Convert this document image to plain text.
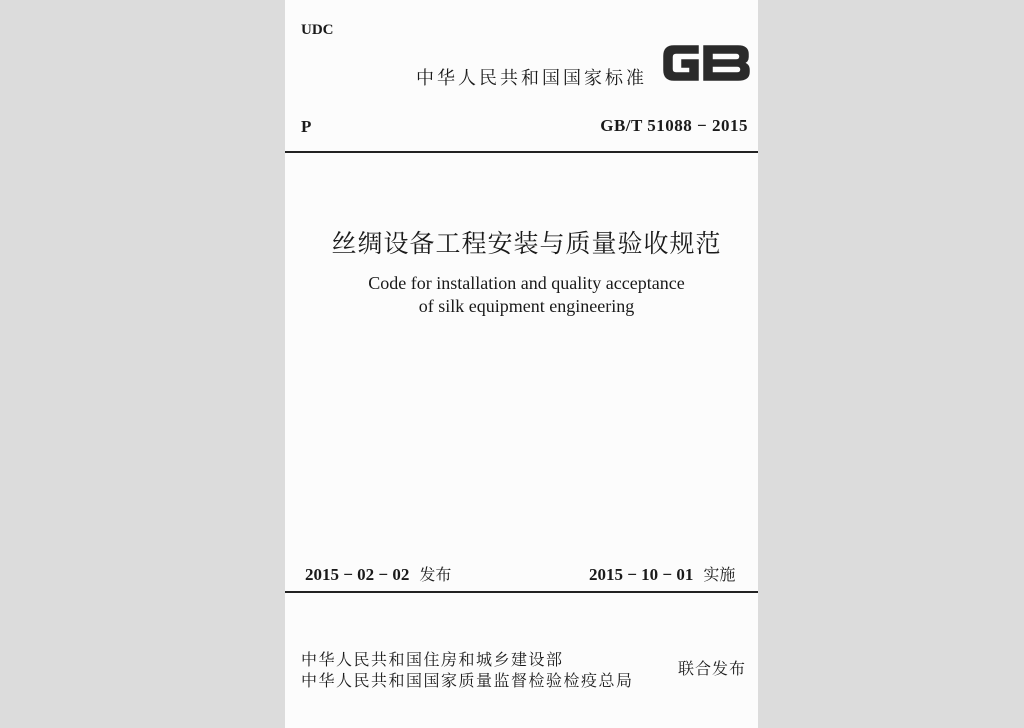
UDC
中华人民共和国国家标准
P	GB/T 51088 − 2015
丝绸设备工程安装与质量验收规范
Code for installation and quality acceptance
of silk equipment engineering
2015 − 02 − 02 发布	2015 − 10 − 01 实施
中华人民共和国住房和城乡建设部
中华人民共和国国家质量监督检验检疫总局
联合发布
